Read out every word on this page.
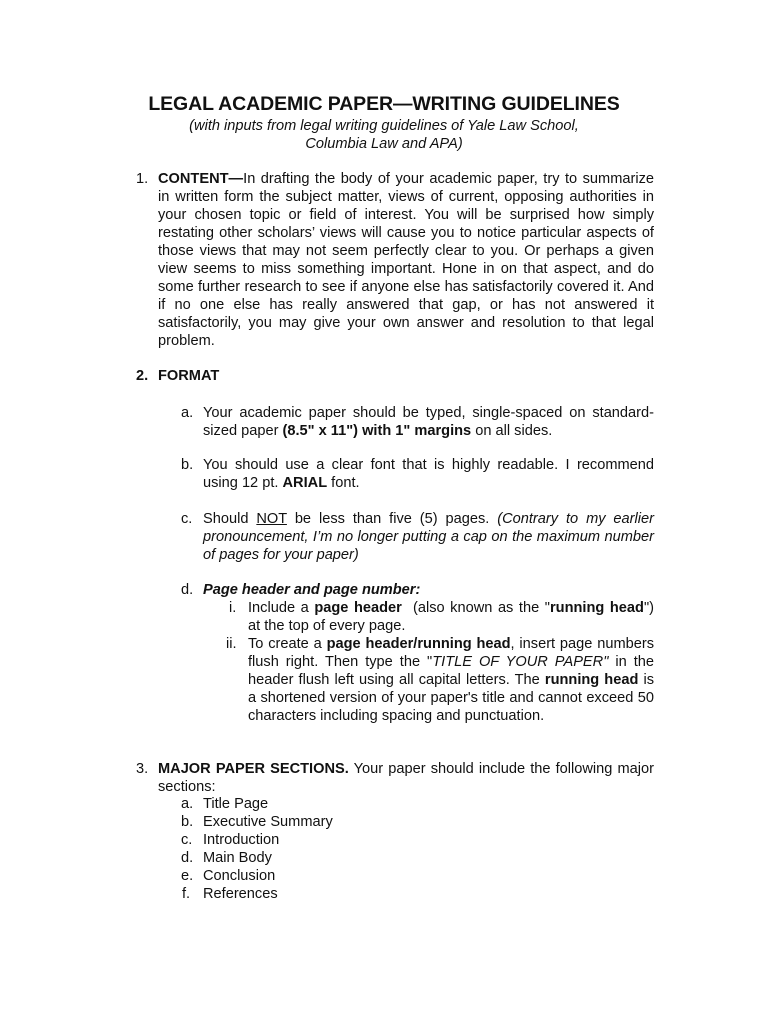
LEGAL ACADEMIC PAPER—WRITING GUIDELINES
(with inputs from legal writing guidelines of Yale Law School,
Columbia Law and APA)
1. CONTENT—In drafting the body of your academic paper, try to summarize in written form the subject matter, views of current, opposing authorities in your chosen topic or field of interest. You will be surprised how simply restating other scholars’ views will cause you to notice particular aspects of those views that may not seem perfectly clear to you. Or perhaps a given view seems to miss something important. Hone in on that aspect, and do some further research to see if anyone else has satisfactorily covered it. And if no one else has really answered that gap, or has not answered it satisfactorily, you may give your own answer and resolution to that legal problem.
2. FORMAT
a. Your academic paper should be typed, single-spaced on standard-sized paper (8.5" x 11") with 1" margins on all sides.
b. You should use a clear font that is highly readable. I recommend using 12 pt. ARIAL font.
c. Should NOT be less than five (5) pages. (Contrary to my earlier pronouncement, I’m no longer putting a cap on the maximum number of pages for your paper)
d. Page header and page number:
i. Include a page header  (also known as the "running head") at the top of every page.
ii. To create a page header/running head, insert page numbers flush right. Then type the "TITLE OF YOUR PAPER" in the header flush left using all capital letters. The running head is a shortened version of your paper's title and cannot exceed 50 characters including spacing and punctuation.
3. MAJOR PAPER SECTIONS. Your paper should include the following major sections:
a. Title Page
b. Executive Summary
c. Introduction
d. Main Body
e. Conclusion
f. References
